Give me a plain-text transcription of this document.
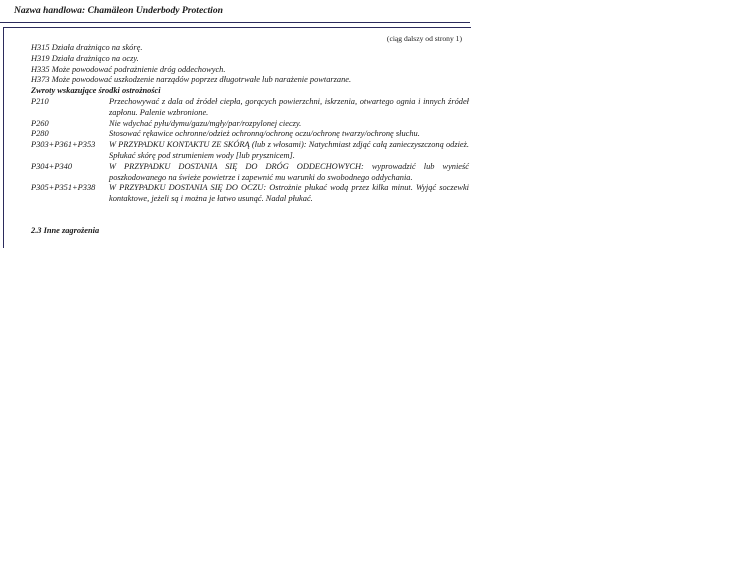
Nazwa handlowa: Chamäleon Underbody Protection
(ciąg dalszy od strony 1)
H315 Działa drażniąco na skórę.
H319 Działa drażniąco na oczy.
H335 Może powodować podrażnienie dróg oddechowych.
H373 Może powodować uszkodzenie narządów poprzez długotrwałe lub narażenie powtarzane.
Zwroty wskazujące środki ostrożności
P210	Przechowywać z dala od źródeł ciepła, gorących powierzchni, iskrzenia, otwartego ognia i innych źródeł zapłonu. Palenie wzbronione.
P260	Nie wdychać pyłu/dymu/gazu/mgły/par/rozpylonej cieczy.
P280	Stosować rękawice ochronne/odzież ochronną/ochronę oczu/ochronę twarzy/ochronę słuchu.
P303+P361+P353	W PRZYPADKU KONTAKTU ZE SKÓRĄ (lub z włosami): Natychmiast zdjąć całą zanieczyszczoną odzież. Spłukać skórę pod strumieniem wody [lub prysznicem].
P304+P340	W PRZYPADKU DOSTANIA SIĘ DO DRÓG ODDECHOWYCH: wyprowadzić lub wynieść poszkodowanego na świeże powietrze i zapewnić mu warunki do swobodnego oddychania.
P305+P351+P338	W PRZYPADKU DOSTANIA SIĘ DO OCZU: Ostrożnie płukać wodą przez kilka minut. Wyjąć soczewki kontaktowe, jeżeli są i można je łatwo usunąć. Nadal płukać.
2.3 Inne zagrożenia
